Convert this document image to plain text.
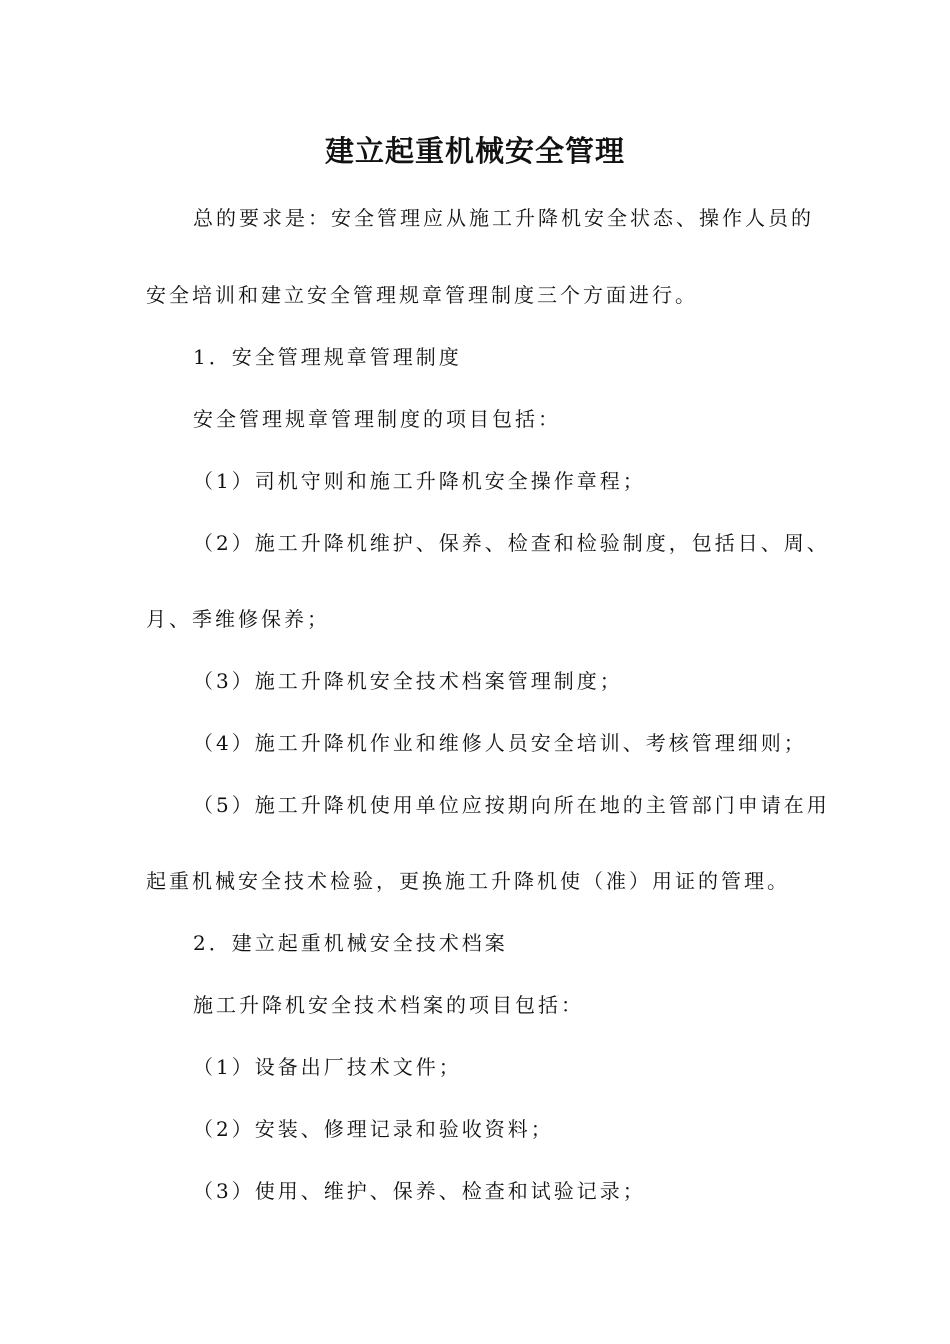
建立起重机械安全管理

总的要求是：安全管理应从施工升降机安全状态、操作人员的

安全培训和建立安全管理规章管理制度三个方面进行。

1．安全管理规章管理制度

安全管理规章管理制度的项目包括：

（1）司机守则和施工升降机安全操作章程；

（2）施工升降机维护、保养、检查和检验制度，包括日、周、

月、季维修保养；

（3）施工升降机安全技术档案管理制度；

（4）施工升降机作业和维修人员安全培训、考核管理细则；

（5）施工升降机使用单位应按期向所在地的主管部门申请在用

起重机械安全技术检验，更换施工升降机使（准）用证的管理。

2．建立起重机械安全技术档案

施工升降机安全技术档案的项目包括：

（1）设备出厂技术文件；

（2）安装、修理记录和验收资料；

（3）使用、维护、保养、检查和试验记录；
